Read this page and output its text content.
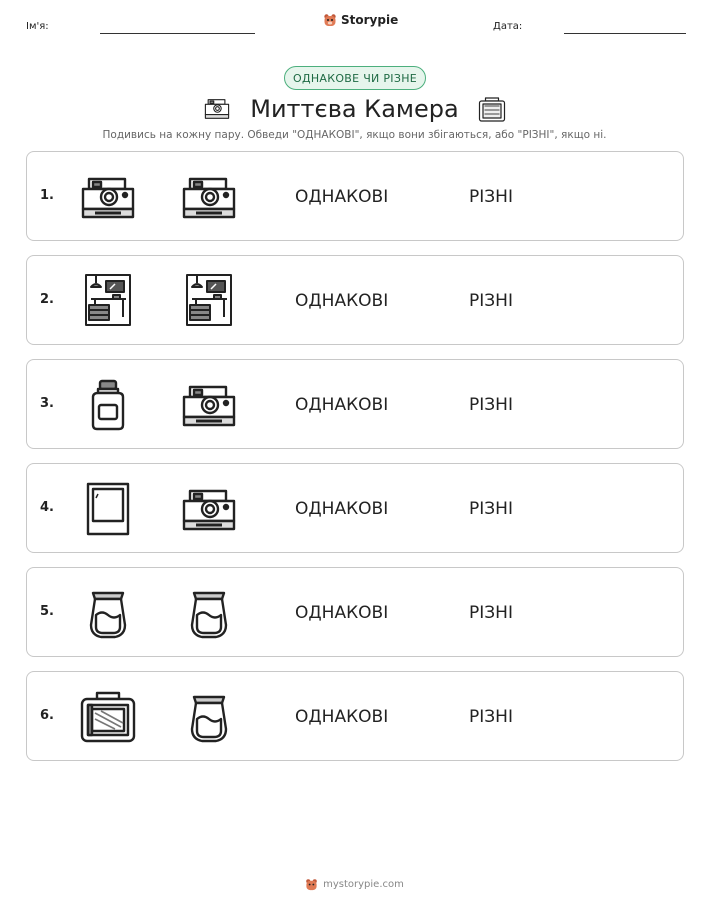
Ім'я:	Storypie	Дата:
ОДНАКОВЕ ЧИ РІЗНЕ
Миттєва Камера
Подивись на кожну пару. Обведи "ОДНАКОВІ", якщо вони збігаються, або "РІЗНІ", якщо ні.
1.	ОДНАКОВІ	РІЗНІ
2.	ОДНАКОВІ	РІЗНІ
3.	ОДНАКОВІ	РІЗНІ
4.	ОДНАКОВІ	РІЗНІ
5.	ОДНАКОВІ	РІЗНІ
6.	ОДНАКОВІ	РІЗНІ
mystorypie.com
